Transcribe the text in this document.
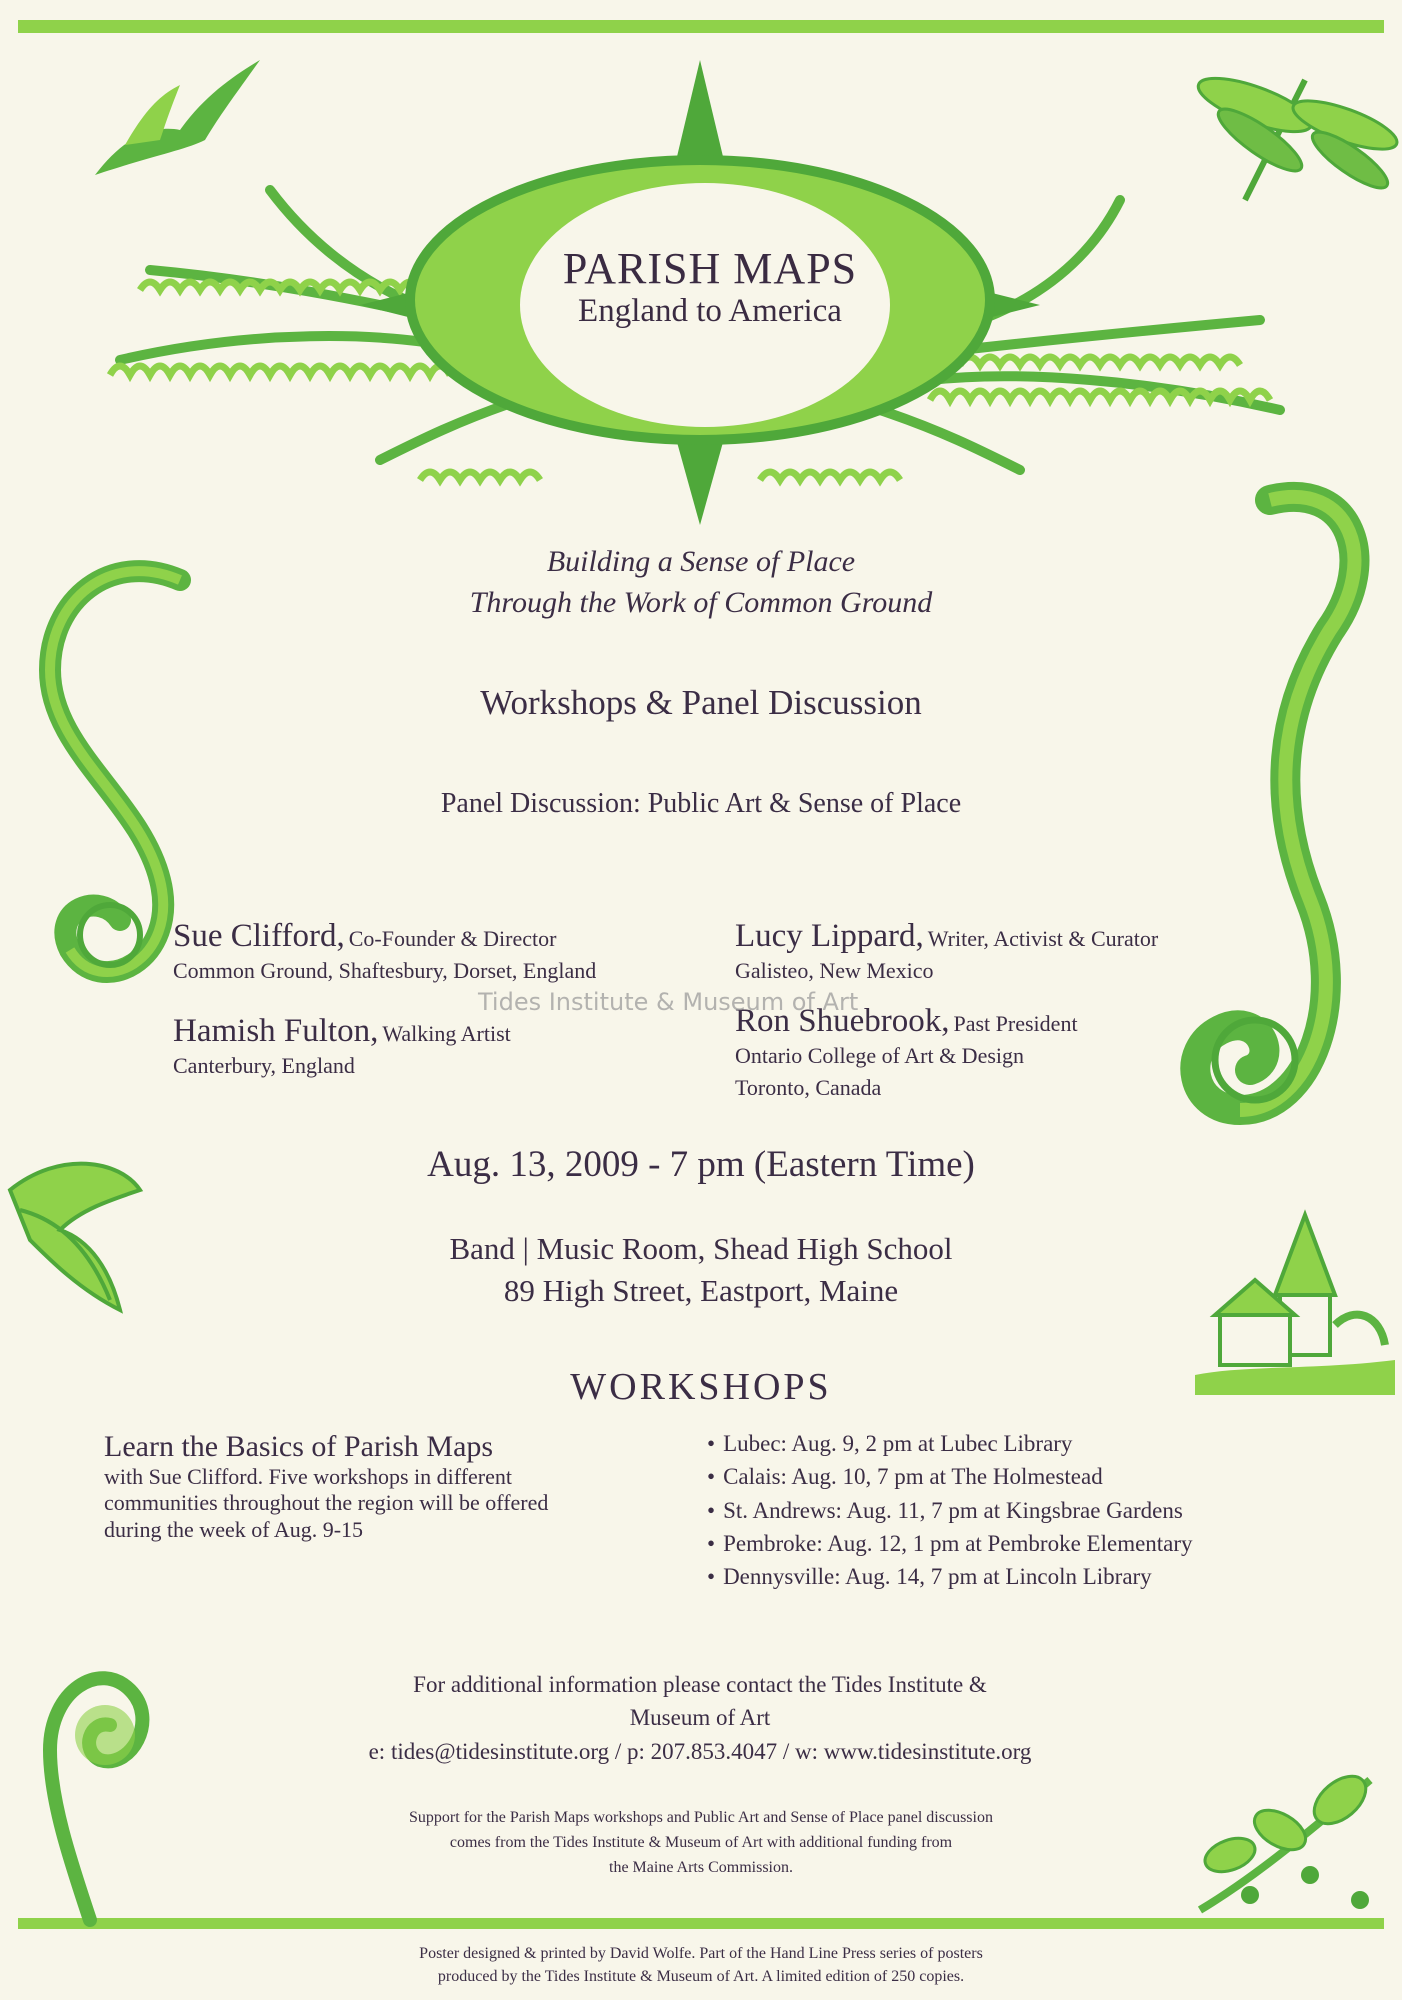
PARISH MAPS
England to America
Building a Sense of Place
Through the Work of Common Ground
Workshops & Panel Discussion
Panel Discussion: Public Art & Sense of Place
Sue Clifford, Co-Founder & Director
Common Ground, Shaftesbury, Dorset, England
Hamish Fulton, Walking Artist
Canterbury, England
Lucy Lippard, Writer, Activist & Curator
Galisteo, New Mexico
Ron Shuebrook, Past President
Ontario College of Art & Design
Toronto, Canada
Tides Institute & Museum of Art
Aug. 13, 2009 - 7 pm (Eastern Time)
Band | Music Room, Shead High School
89 High Street, Eastport, Maine
WORKSHOPS
Learn the Basics of Parish Maps
with Sue Clifford. Five workshops in different
communities throughout the region will be offered
during the week of Aug. 9-15
• Lubec: Aug. 9, 2 pm at Lubec Library
• Calais: Aug. 10, 7 pm at The Holmestead
• St. Andrews: Aug. 11, 7 pm at Kingsbrae Gardens
• Pembroke: Aug. 12, 1 pm at Pembroke Elementary
• Dennysville: Aug. 14, 7 pm at Lincoln Library
For additional information please contact the Tides Institute &
Museum of Art
e: tides@tidesinstitute.org / p: 207.853.4047 / w: www.tidesinstitute.org
Support for the Parish Maps workshops and Public Art and Sense of Place panel discussion
comes from the Tides Institute & Museum of Art with additional funding from
the Maine Arts Commission.
Poster designed & printed by David Wolfe. Part of the Hand Line Press series of posters
produced by the Tides Institute & Museum of Art. A limited edition of 250 copies.
